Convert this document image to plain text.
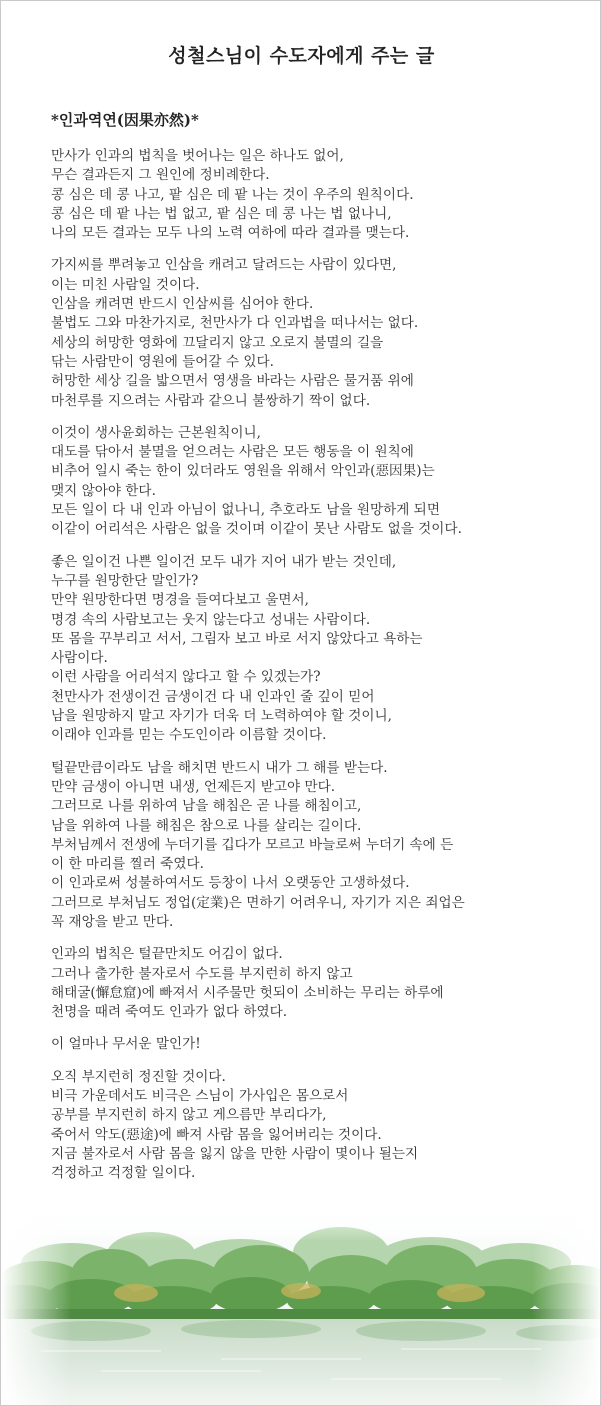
성철스님이 수도자에게 주는 글
*인과역연(因果亦然)*
만사가 인과의 법칙을 벗어나는 일은 하나도 없어,
무슨 결과든지 그 원인에 정비례한다.
콩 심은 데 콩 나고, 팥 심은 데 팥 나는 것이 우주의 원칙이다.
콩 심은 데 팥 나는 법 없고, 팥 심은 데 콩 나는 법 없나니,
나의 모든 결과는 모두 나의 노력 여하에 따라 결과를 맺는다.
가지씨를 뿌려놓고 인삼을 캐려고 달려드는 사람이 있다면,
이는 미친 사람일 것이다.
인삼을 캐려면 반드시 인삼씨를 심어야 한다.
불법도 그와 마찬가지로, 천만사가 다 인과법을 떠나서는 없다.
세상의 허망한 영화에 끄달리지 않고 오로지 불멸의 길을
닦는 사람만이 영원에 들어갈 수 있다.
허망한 세상 길을 밟으면서 영생을 바라는 사람은 물거품 위에
마천루를 지으려는 사람과 같으니 불쌍하기 짝이 없다.
이것이 생사윤회하는 근본원칙이니,
대도를 닦아서 불멸을 얻으려는 사람은 모든 행동을 이 원칙에
비추어 일시 죽는 한이 있더라도 영원을 위해서 악인과(惡因果)는
맺지 않아야 한다.
모든 일이 다 내 인과 아님이 없나니, 추호라도 남을 원망하게 되면
이같이 어리석은 사람은 없을 것이며 이같이 못난 사람도 없을 것이다.
좋은 일이건 나쁜 일이건 모두 내가 지어 내가 받는 것인데,
누구를 원망한단 말인가?
만약 원망한다면 명경을 들여다보고 울면서,
명경 속의 사람보고는 웃지 않는다고 성내는 사람이다.
또 몸을 꾸부리고 서서, 그림자 보고 바로 서지 않았다고 욕하는
사람이다.
이런 사람을 어리석지 않다고 할 수 있겠는가?
천만사가 전생이건 금생이건 다 내 인과인 줄 깊이 믿어
남을 원망하지 말고 자기가 더욱 더 노력하여야 할 것이니,
이래야 인과를 믿는 수도인이라 이름할 것이다.
털끝만큼이라도 남을 해치면 반드시 내가 그 해를 받는다.
만약 금생이 아니면 내생, 언제든지 받고야 만다.
그러므로 나를 위하여 남을 해침은 곧 나를 해침이고,
남을 위하여 나를 해침은 참으로 나를 살리는 길이다.
부처님께서 전생에 누더기를 깁다가 모르고 바늘로써 누더기 속에 든
이 한 마리를 찔러 죽였다.
이 인과로써 성불하여서도 등창이 나서 오랫동안 고생하셨다.
그러므로 부처님도 정업(定業)은 면하기 어려우니, 자기가 지은 죄업은
꼭 재앙을 받고 만다.
인과의 법칙은 털끝만치도 어김이 없다.
그러나 출가한 불자로서 수도를 부지런히 하지 않고
해태굴(懈怠窟)에 빠져서 시주물만 헛되이 소비하는 무리는 하루에
천명을 때려 죽여도 인과가 없다 하였다.
이 얼마나 무서운 말인가!
오직 부지런히 정진할 것이다.
비극 가운데서도 비극은 스님이 가사입은 몸으로서
공부를 부지런히 하지 않고 게으름만 부리다가,
죽어서 악도(惡途)에 빠져 사람 몸을 잃어버리는 것이다.
지금 불자로서 사람 몸을 잃지 않을 만한 사람이 몇이나 될는지
걱정하고 걱정할 일이다.
